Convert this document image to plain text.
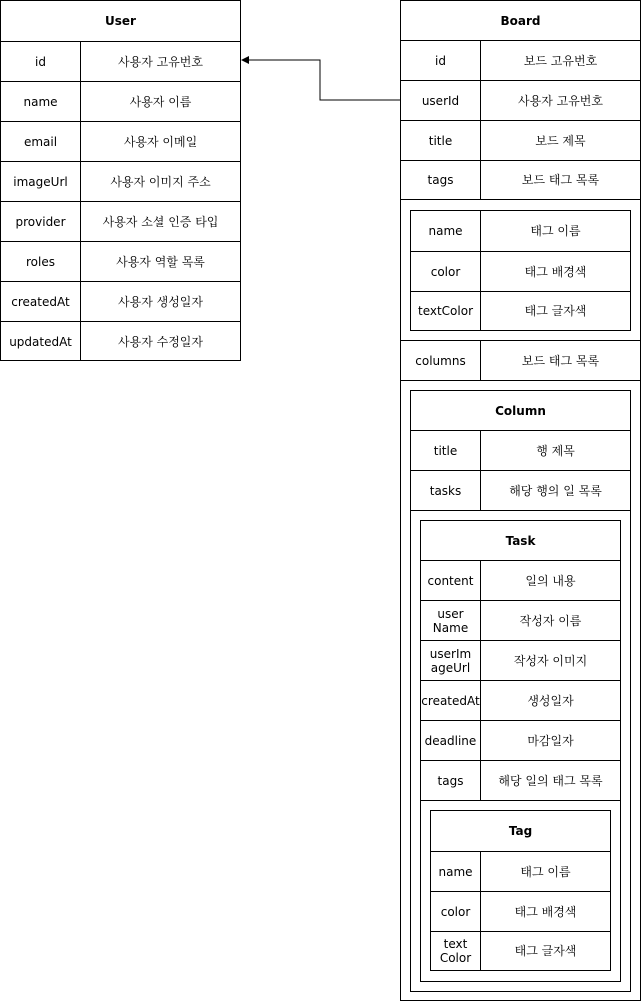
User
id	사용자 고유번호
name	사용자 이름
email	사용자 이메일
imageUrl	사용자 이미지 주소
provider	사용자 소셜 인증 타입
roles	사용자 역할 목록
createdAt	사용자 생성일자
updatedAt	사용자 수정일자
Board
id	보드 고유번호
userId	사용자 고유번호
title	보드 제목
tags	보드 태그 목록
name	태그 이름
color	태그 배경색
textColor	태그 글자색
columns	보드 태그 목록
Column
title	행 제목
tasks	해당 행의 일 목록
Task
content	일의 내용
user Name	작성자 이름
userIm ageUrl	작성자 이미지
createdAt	생성일자
deadline	마감일자
tags	해당 일의 태그 목록
Tag
name	태그 이름
color	태그 배경색
text Color	태그 글자색
